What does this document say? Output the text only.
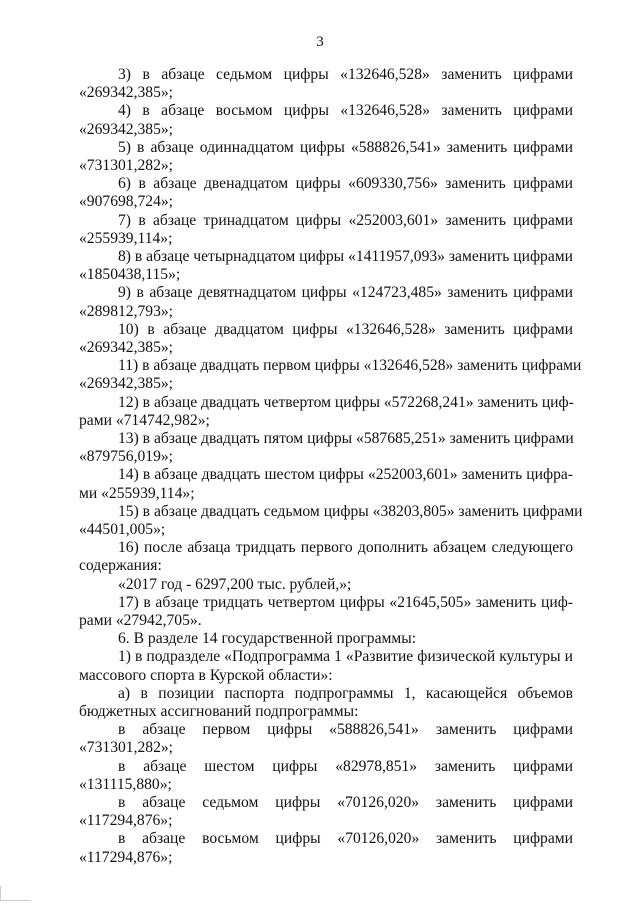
3
3) в абзаце седьмом цифры «132646,528» заменить цифрами
«269342,385»;
4) в абзаце восьмом цифры «132646,528» заменить цифрами
«269342,385»;
5) в абзаце одиннадцатом цифры «588826,541» заменить цифрами
«731301,282»;
6) в абзаце двенадцатом цифры «609330,756» заменить цифрами
«907698,724»;
7) в абзаце тринадцатом цифры «252003,601» заменить цифрами
«255939,114»;
8) в абзаце четырнадцатом цифры «1411957,093» заменить цифрами
«1850438,115»;
9) в абзаце девятнадцатом цифры «124723,485» заменить цифрами
«289812,793»;
10) в абзаце двадцатом цифры «132646,528» заменить цифрами
«269342,385»;
11) в абзаце двадцать первом цифры «132646,528» заменить цифрами
«269342,385»;
12) в абзаце двадцать четвертом цифры «572268,241» заменить циф-
рами «714742,982»;
13) в абзаце двадцать пятом цифры «587685,251» заменить цифрами
«879756,019»;
14) в абзаце двадцать шестом цифры «252003,601» заменить цифра-
ми «255939,114»;
15) в абзаце двадцать седьмом цифры «38203,805» заменить цифрами
«44501,005»;
16) после абзаца тридцать первого дополнить абзацем следующего
содержания:
«2017 год - 6297,200 тыс. рублей,»;
17) в абзаце тридцать четвертом цифры «21645,505» заменить циф-
рами «27942,705».
6. В разделе 14 государственной программы:
1) в подразделе «Подпрограмма 1 «Развитие физической культуры и
массового спорта в Курской области»:
а) в позиции паспорта подпрограммы 1, касающейся объемов
бюджетных ассигнований подпрограммы:
в абзаце первом цифры «588826,541» заменить цифрами
«731301,282»;
в абзаце шестом цифры «82978,851» заменить цифрами
«131115,880»;
в абзаце седьмом цифры «70126,020» заменить цифрами
«117294,876»;
в абзаце восьмом цифры «70126,020» заменить цифрами
«117294,876»;
